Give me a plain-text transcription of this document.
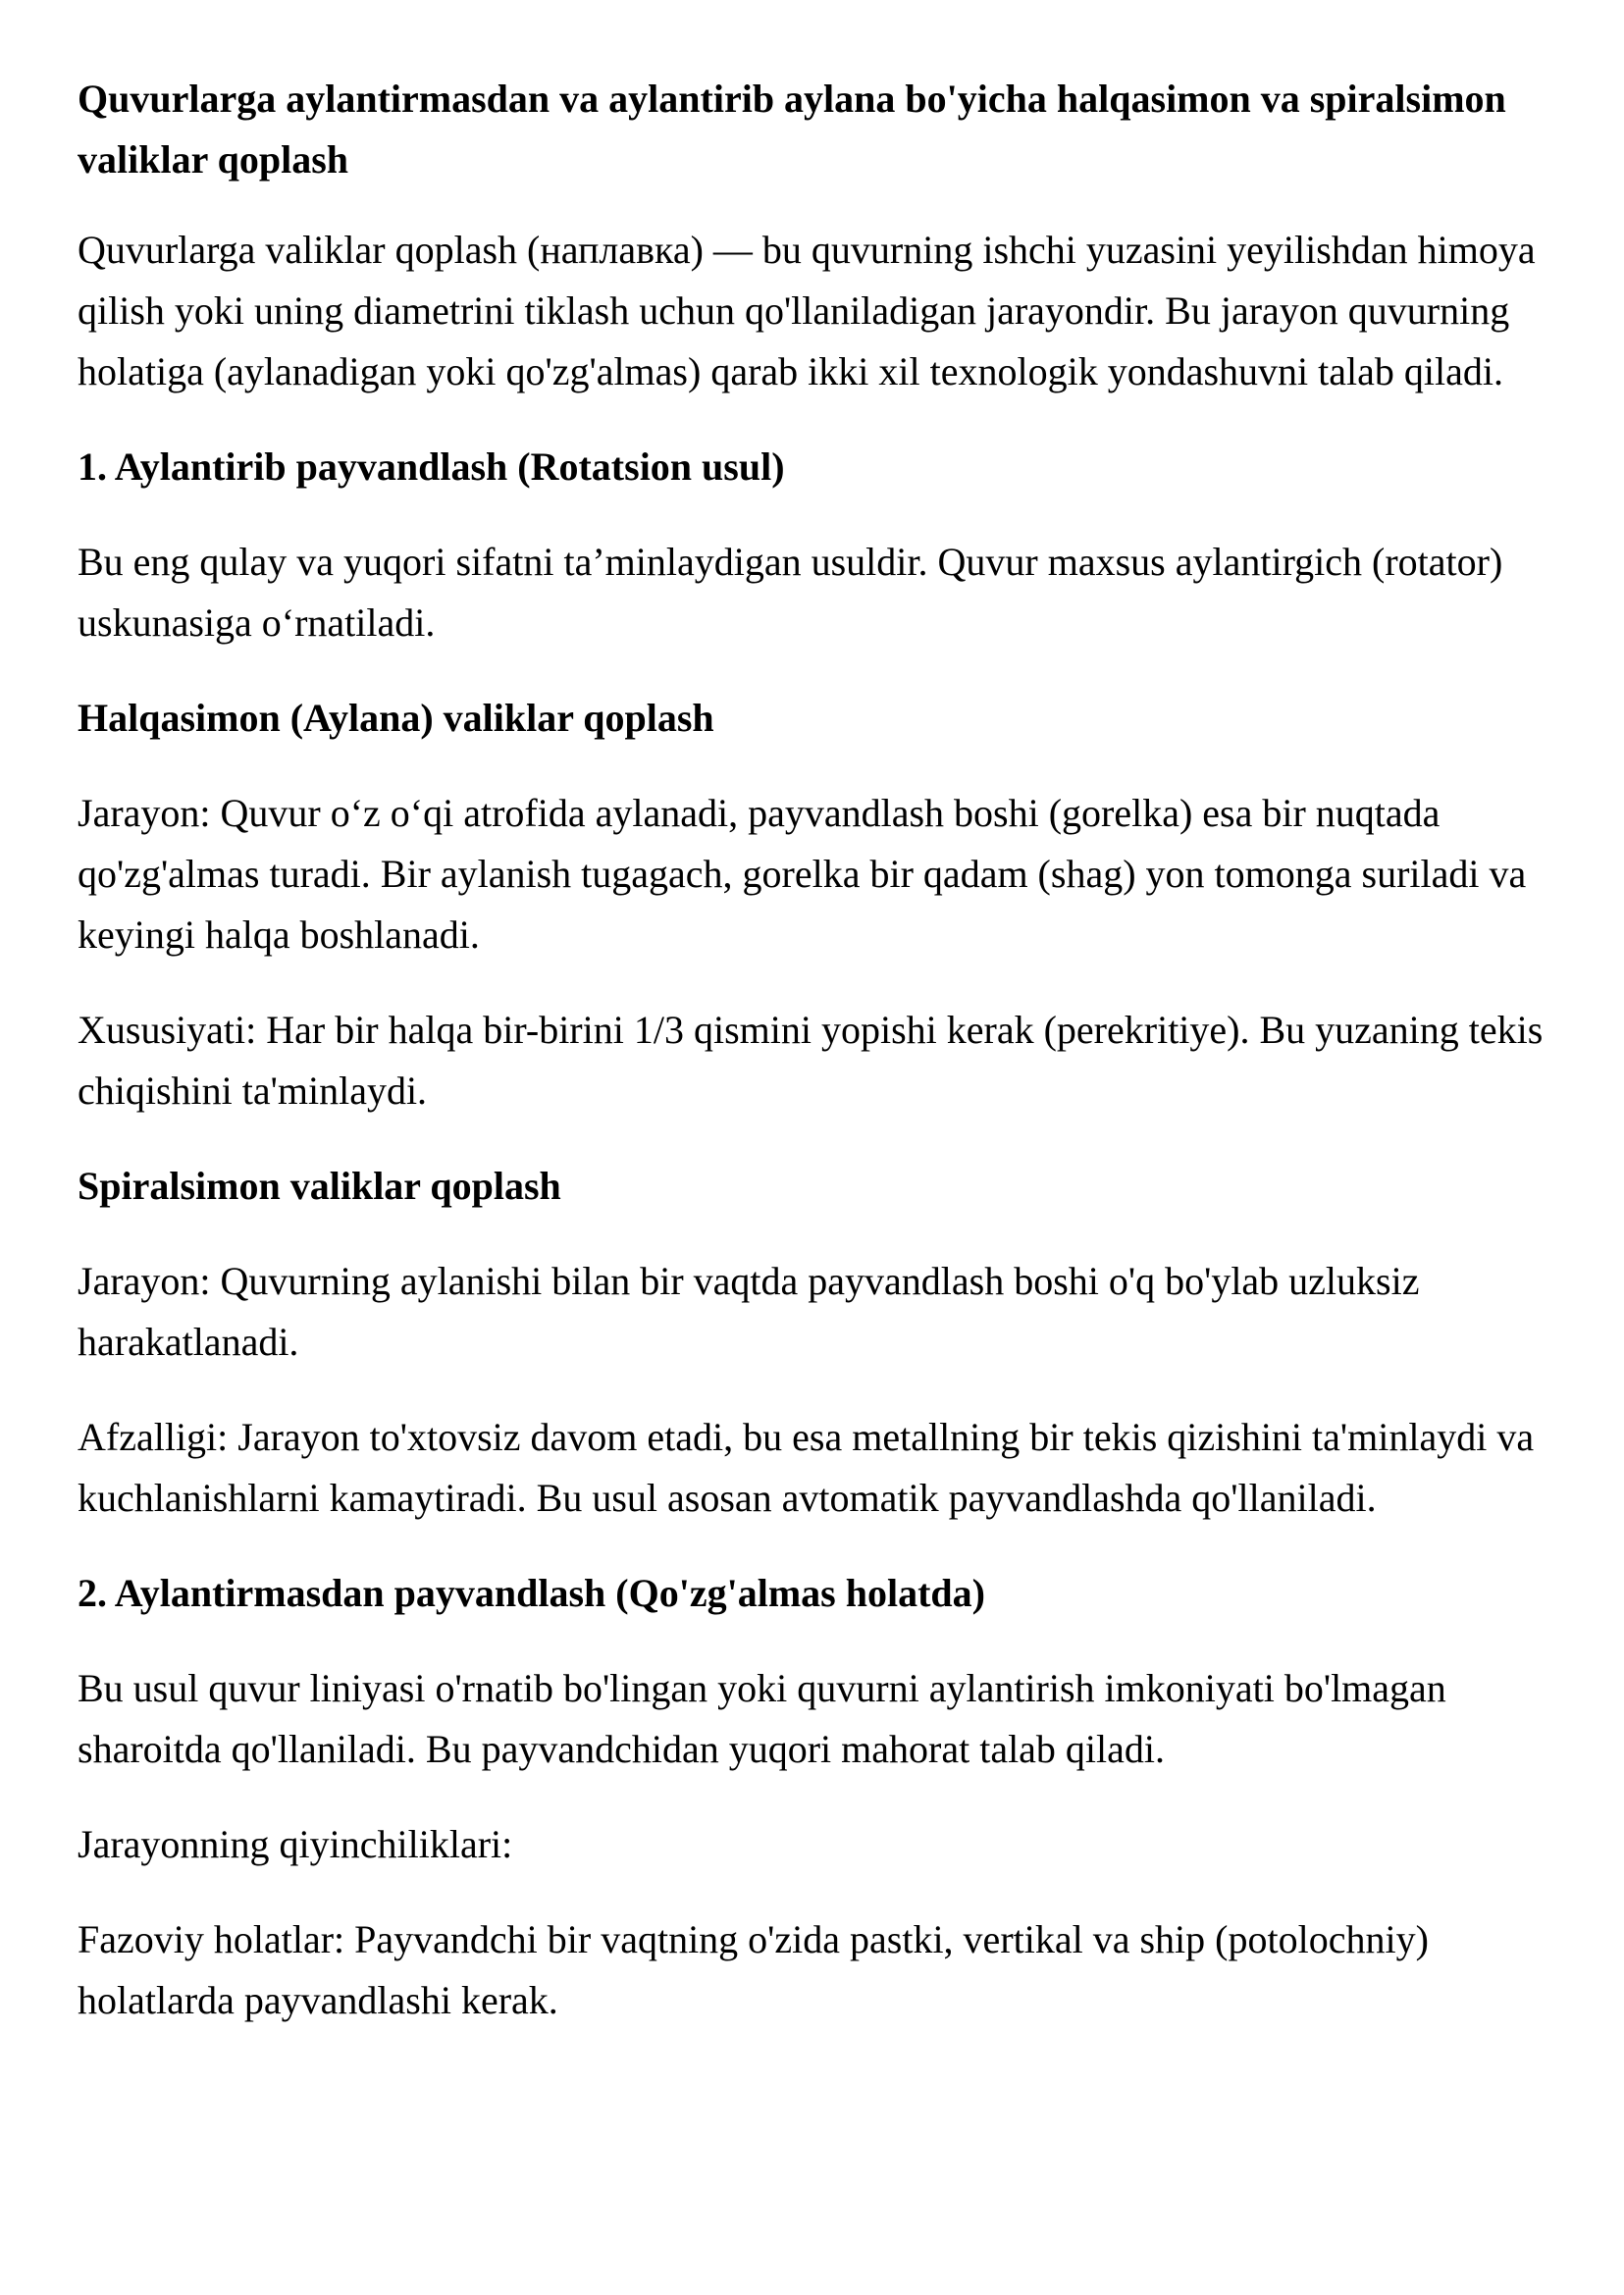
Quvurlarga aylantirmasdan va aylantirib aylana bo'yicha halqasimon va spiralsimon valiklar qoplash

Quvurlarga valiklar qoplash (наплавка) — bu quvurning ishchi yuzasini yeyilishdan himoya qilish yoki uning diametrini tiklash uchun qo'llaniladigan jarayondir. Bu jarayon quvurning holatiga (aylanadigan yoki qo'zg'almas) qarab ikki xil texnologik yondashuvni talab qiladi.

1. Aylantirib payvandlash (Rotatsion usul)

Bu eng qulay va yuqori sifatni ta’minlaydigan usuldir. Quvur maxsus aylantirgich (rotator) uskunasiga o‘rnatiladi.

Halqasimon (Aylana) valiklar qoplash

Jarayon: Quvur o‘z o‘qi atrofida aylanadi, payvandlash boshi (gorelka) esa bir nuqtada qo'zg'almas turadi. Bir aylanish tugagach, gorelka bir qadam (shag) yon tomonga suriladi va keyingi halqa boshlanadi.

Xususiyati: Har bir halqa bir-birini 1/3 qismini yopishi kerak (perekritiye). Bu yuzaning tekis chiqishini ta'minlaydi.

Spiralsimon valiklar qoplash

Jarayon: Quvurning aylanishi bilan bir vaqtda payvandlash boshi o'q bo'ylab uzluksiz harakatlanadi.

Afzalligi: Jarayon to'xtovsiz davom etadi, bu esa metallning bir tekis qizishini ta'minlaydi va kuchlanishlarni kamaytiradi. Bu usul asosan avtomatik payvandlashda qo'llaniladi.

2. Aylantirmasdan payvandlash (Qo'zg'almas holatda)

Bu usul quvur liniyasi o'rnatib bo'lingan yoki quvurni aylantirish imkoniyati bo'lmagan sharoitda qo'llaniladi. Bu payvandchidan yuqori mahorat talab qiladi.

Jarayonning qiyinchiliklari:

Fazoviy holatlar: Payvandchi bir vaqtning o'zida pastki, vertikal va ship (potolochniy) holatlarda payvandlashi kerak.
